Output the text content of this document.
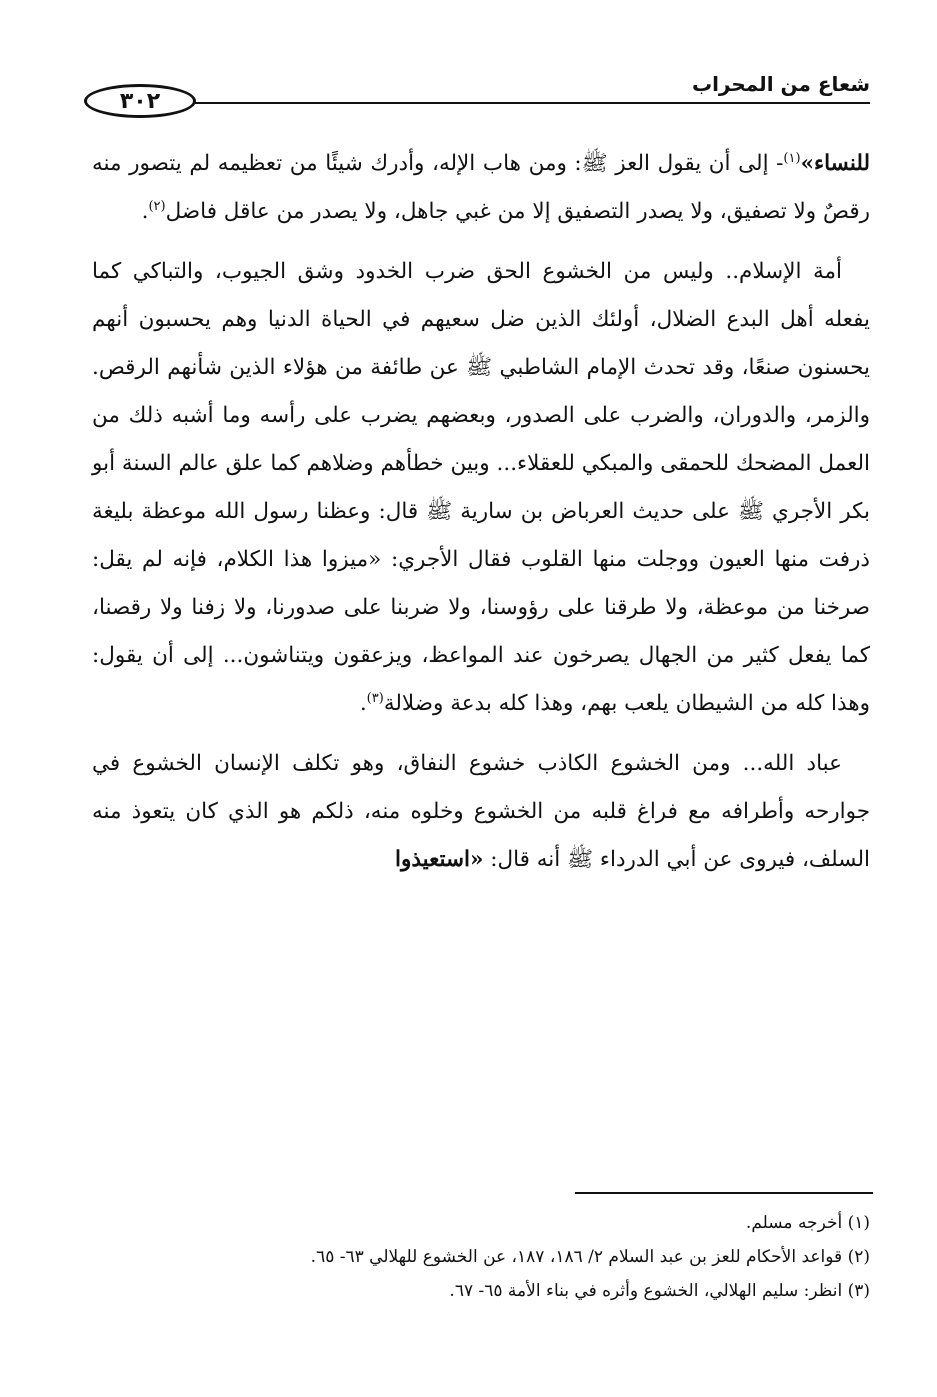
شعاع من المحراب
٣٠٢

للنساء»$^{(١)}$- إلى أن يقول العز ﷺ: ومن هاب الإله، وأدرك شيئًا من تعظيمه لم يتصور منه رقصٌ ولا تصفيق، ولا يصدر التصفيق إلا من غبي جاهل، ولا يصدر من عاقل فاضل$^{(٢)}$.

أمة الإسلام.. وليس من الخشوع الحق ضرب الخدود وشق الجيوب، والتباكي كما يفعله أهل البدع الضلال، أولئك الذين ضل سعيهم في الحياة الدنيا وهم يحسبون أنهم يحسنون صنعًا، وقد تحدث الإمام الشاطبي ﷺ عن طائفة من هؤلاء الذين شأنهم الرقص. والزمر، والدوران، والضرب على الصدور، وبعضهم يضرب على رأسه وما أشبه ذلك من العمل المضحك للحمقى والمبكي للعقلاء... وبين خطأهم وضلاهم كما علق عالم السنة أبو بكر الأجري ﷺ على حديث العرباض بن سارية ﷺ قال: وعظنا رسول الله موعظة بليغة ذرفت منها العيون ووجلت منها القلوب فقال الأجري: «ميزوا هذا الكلام، فإنه لم يقل: صرخنا من موعظة، ولا طرقنا على رؤوسنا، ولا ضربنا على صدورنا، ولا زفنا ولا رقصنا، كما يفعل كثير من الجهال يصرخون عند المواعظ، ويزعقون ويتناشون... إلى أن يقول: وهذا كله من الشيطان يلعب بهم، وهذا كله بدعة وضلالة$^{(٣)}$.

عباد الله... ومن الخشوع الكاذب خشوع النفاق، وهو تكلف الإنسان الخشوع في جوارحه وأطرافه مع فراغ قلبه من الخشوع وخلوه منه، ذلكم هو الذي كان يتعوذ منه السلف، فيروى عن أبي الدرداء ﷺ أنه قال: «استعيذوا

(١) أخرجه مسلم.

(٢) قواعد الأحكام للعز بن عبد السلام ٢/ ١٨٦، ١٨٧، عن الخشوع للهلالي ٦٣- ٦٥.

(٣) انظر: سليم الهلالي، الخشوع وأثره في بناء الأمة ٦٥- ٦٧.
